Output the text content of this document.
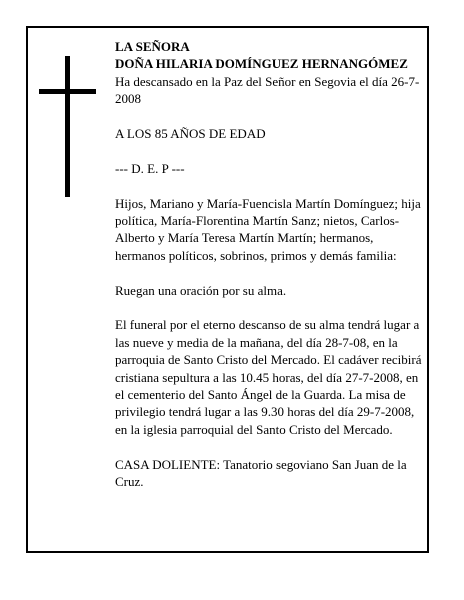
LA SEÑORA

DOÑA HILARIA DOMÍNGUEZ HERNANGÓMEZ

Ha descansado en la Paz del Señor en Segovia el día 26-7-2008

A LOS 85 AÑOS DE EDAD

--- D. E. P ---

Hijos, Mariano y María-Fuencisla Martín Domínguez; hija política, María-Florentina Martín Sanz; nietos, Carlos-Alberto y María Teresa Martín Martín; hermanos, hermanos políticos, sobrinos, primos y demás familia:

Ruegan una oración por su alma.

El funeral por el eterno descanso de su alma tendrá lugar a las nueve y media de la mañana, del día 28-7-08, en la parroquia de Santo Cristo del Mercado. El cadáver recibirá cristiana sepultura a las 10.45 horas, del día 27-7-2008, en el cementerio del Santo Ángel de la Guarda. La misa de privilegio tendrá lugar a las 9.30 horas del día 29-7-2008, en la iglesia parroquial del Santo Cristo del Mercado.

CASA DOLIENTE: Tanatorio segoviano San Juan de la Cruz.
